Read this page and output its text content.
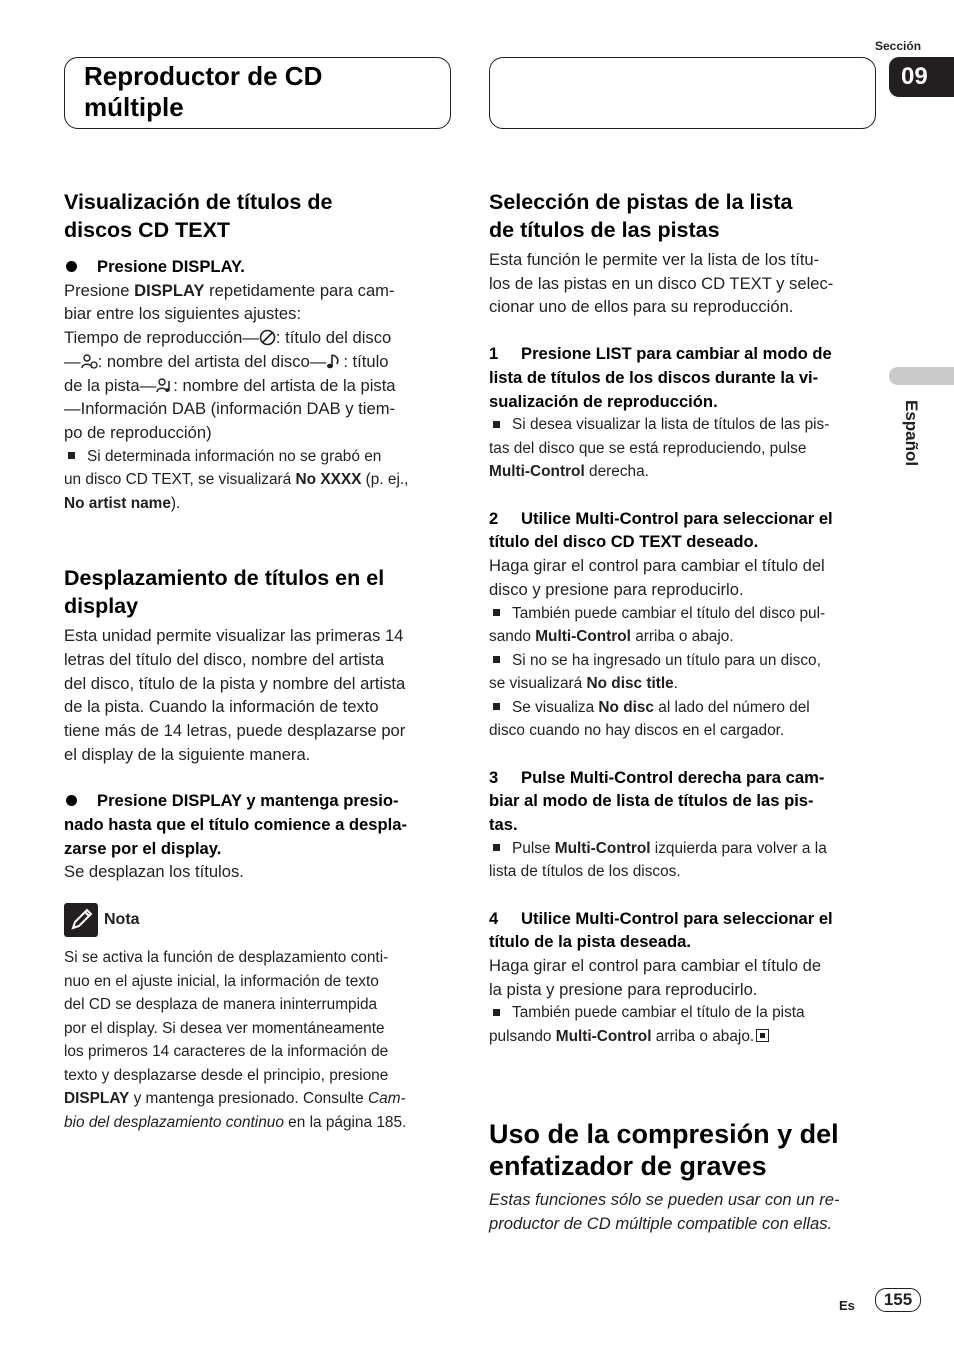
Reproductor de CD
múltiple
Sección
09
Español
Visualización de títulos de
discos CD TEXT

Presione DISPLAY.

Presione DISPLAY repetidamente para cam-

biar entre los siguientes ajustes:

Tiempo de reproducción— : título del disco

— : nombre del artista del disco— : título

de la pista— : nombre del artista de la pista

—Información DAB (información DAB y tiem-

po de reproducción)

Si determinada información no se grabó en

un disco CD TEXT, se visualizará No XXXX (p. ej.,

No artist name).

Desplazamiento de títulos en el
display

Esta unidad permite visualizar las primeras 14

letras del título del disco, nombre del artista

del disco, título de la pista y nombre del artista

de la pista. Cuando la información de texto

tiene más de 14 letras, puede desplazarse por

el display de la siguiente manera.

Presione DISPLAY y mantenga presio-

nado hasta que el título comience a despla-

zarse por el display.

Se desplazan los títulos.

Nota

Si se activa la función de desplazamiento conti-

nuo en el ajuste inicial, la información de texto

del CD se desplaza de manera ininterrumpida

por el display. Si desea ver momentáneamente

los primeros 14 caracteres de la información de

texto y desplazarse desde el principio, presione

DISPLAY y mantenga presionado. Consulte Cam-

bio del desplazamiento continuo en la página 185.

Selección de pistas de la lista
de títulos de las pistas

Esta función le permite ver la lista de los títu-

los de las pistas en un disco CD TEXT y selec-

cionar uno de ellos para su reproducción.

1 Presione LIST para cambiar al modo de

lista de títulos de los discos durante la vi-

sualización de reproducción.

Si desea visualizar la lista de títulos de las pis-

tas del disco que se está reproduciendo, pulse

Multi-Control derecha.

2 Utilice Multi-Control para seleccionar el

título del disco CD TEXT deseado.

Haga girar el control para cambiar el título del

disco y presione para reproducirlo.

También puede cambiar el título del disco pul-

sando Multi-Control arriba o abajo.

Si no se ha ingresado un título para un disco,

se visualizará No disc title.

Se visualiza No disc al lado del número del

disco cuando no hay discos en el cargador.

3 Pulse Multi-Control derecha para cam-

biar al modo de lista de títulos de las pis-

tas.

Pulse Multi-Control izquierda para volver a la

lista de títulos de los discos.

4 Utilice Multi-Control para seleccionar el

título de la pista deseada.

Haga girar el control para cambiar el título de

la pista y presione para reproducirlo.

También puede cambiar el título de la pista

pulsando Multi-Control arriba o abajo.

Uso de la compresión y del
enfatizador de graves

Estas funciones sólo se pueden usar con un re-

productor de CD múltiple compatible con ellas.

Es	155
